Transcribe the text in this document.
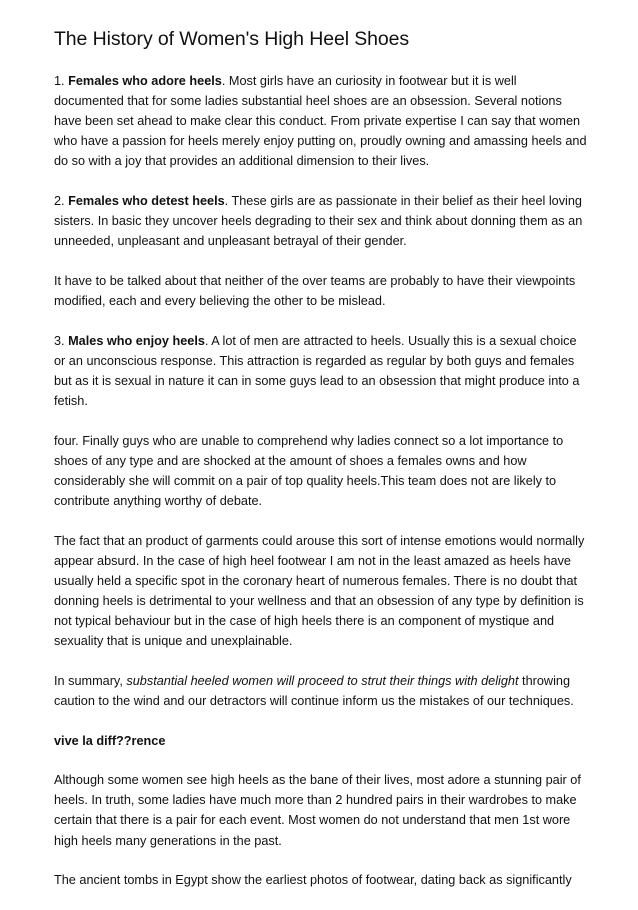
The History of Women's High Heel Shoes

1. Females who adore heels. Most girls have an curiosity in footwear but it is well documented that for some ladies substantial heel shoes are an obsession. Several notions have been set ahead to make clear this conduct. From private expertise I can say that women who have a passion for heels merely enjoy putting on, proudly owning and amassing heels and do so with a joy that provides an additional dimension to their lives.

2. Females who detest heels. These girls are as passionate in their belief as their heel loving sisters. In basic they uncover heels degrading to their sex and think about donning them as an unneeded, unpleasant and unpleasant betrayal of their gender.

It have to be talked about that neither of the over teams are probably to have their viewpoints modified, each and every believing the other to be mislead.

3. Males who enjoy heels. A lot of men are attracted to heels. Usually this is a sexual choice or an unconscious response. This attraction is regarded as regular by both guys and females but as it is sexual in nature it can in some guys lead to an obsession that might produce into a fetish.

four. Finally guys who are unable to comprehend why ladies connect so a lot importance to shoes of any type and are shocked at the amount of shoes a females owns and how considerably she will commit on a pair of top quality heels.This team does not are likely to contribute anything worthy of debate.

The fact that an product of garments could arouse this sort of intense emotions would normally appear absurd. In the case of high heel footwear I am not in the least amazed as heels have usually held a specific spot in the coronary heart of numerous females. There is no doubt that donning heels is detrimental to your wellness and that an obsession of any type by definition is not typical behaviour but in the case of high heels there is an component of mystique and sexuality that is unique and unexplainable.

In summary, substantial heeled women will proceed to strut their things with delight throwing caution to the wind and our detractors will continue inform us the mistakes of our techniques.

vive la diff??rence

Although some women see high heels as the bane of their lives, most adore a stunning pair of heels. In truth, some ladies have much more than 2 hundred pairs in their wardrobes to make certain that there is a pair for each event. Most women do not understand that men 1st wore high heels many generations in the past.

The ancient tombs in Egypt show the earliest photos of footwear, dating back as significantly
